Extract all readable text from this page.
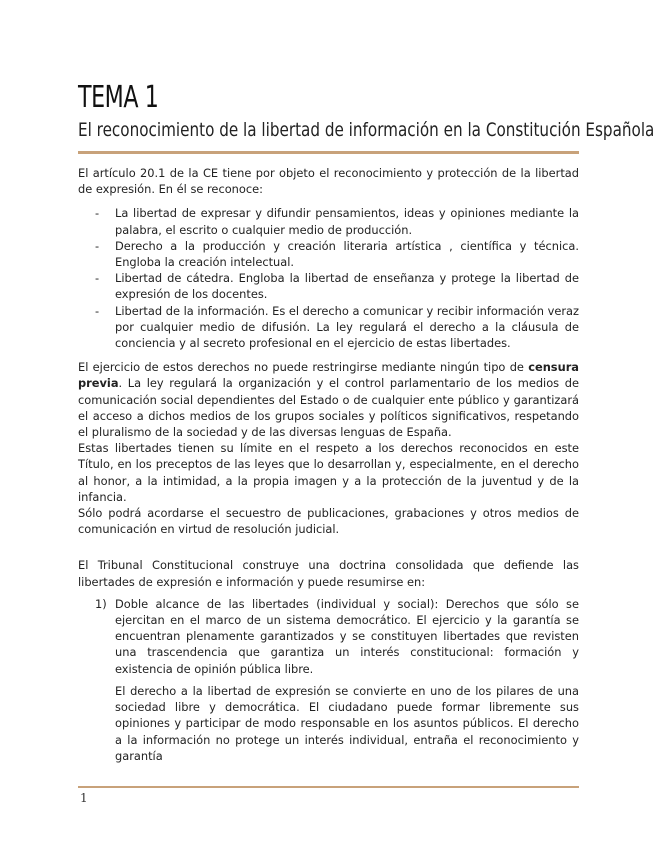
TEMA 1
El reconocimiento de la libertad de información en la Constitución Española

El artículo 20.1 de la CE tiene por objeto el reconocimiento y protección de la libertad de expresión. En él se reconoce:

- La libertad de expresar y difundir pensamientos, ideas y opiniones mediante la palabra, el escrito o cualquier medio de producción.
- Derecho a la producción y creación literaria artística , científica y técnica. Engloba la creación intelectual.
- Libertad de cátedra. Engloba la libertad de enseñanza y protege la libertad de expresión de los docentes.
- Libertad de la información. Es el derecho a comunicar y recibir información veraz por cualquier medio de difusión. La ley regulará el derecho a la cláusula de conciencia y al secreto profesional en el ejercicio de estas libertades.

El ejercicio de estos derechos no puede restringirse mediante ningún tipo de censura previa. La ley regulará la organización y el control parlamentario de los medios de comunicación social dependientes del Estado o de cualquier ente público y garantizará el acceso a dichos medios de los grupos sociales y políticos significativos, respetando el pluralismo de la sociedad y de las diversas lenguas de España.

Estas libertades tienen su límite en el respeto a los derechos reconocidos en este Título, en los preceptos de las leyes que lo desarrollan y, especialmente, en el derecho al honor, a la intimidad, a la propia imagen y a la protección de la juventud y de la infancia.

Sólo podrá acordarse el secuestro de publicaciones, grabaciones y otros medios de comunicación en virtud de resolución judicial.

El Tribunal Constitucional construye una doctrina consolidada que defiende las libertades de expresión e información y puede resumirse en:

1) Doble alcance de las libertades (individual y social): Derechos que sólo se ejercitan en el marco de un sistema democrático. El ejercicio y la garantía se encuentran plenamente garantizados y se constituyen libertades que revisten una trascendencia que garantiza un interés constitucional: formación y existencia de opinión pública libre.

El derecho a la libertad de expresión se convierte en uno de los pilares de una sociedad libre y democrática. El ciudadano puede formar libremente sus opiniones y participar de modo responsable en los asuntos públicos. El derecho a la información no protege un interés individual, entraña el reconocimiento y garantía

1
